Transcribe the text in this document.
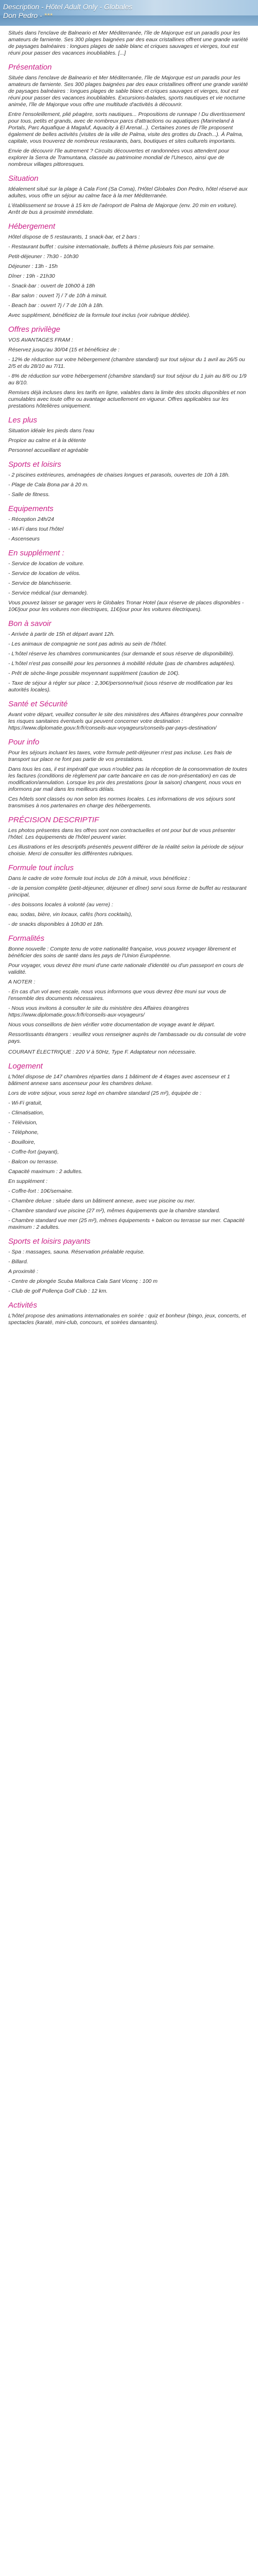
Description - Hôtel Adult Only - Globales
Don Pedro - ***

Situés dans l'enclave de Balneario et Mer Méditerranée, l'île de Majorque est un paradis pour les amateurs de farniente. Ses 300 plages baignées par des eaux cristallines offrent une grande variété de paysages balnéaires : longues plages de sable blanc et criques sauvages et vierges, tout est réuni pour passer des vacances inoubliables. [...]

Présentation

Située dans l'enclave de Balneario et Mer Méditerranée, l'île de Majorque est un paradis pour les amateurs de farniente. Ses 300 plages baignées par des eaux cristallines offrent une grande variété de paysages balnéaires : longues plages de sable blanc et criques sauvages et vierges, tout est réuni pour passer des vacances inoubliables. Excursions-balades, sports nautiques et vie nocturne animée, l'île de Majorque vous offre une multitude d'activités à découvrir.

Entre l'ensoleillement, plié péagère, sorts nautiques... Propositions de runnape ! Du divertissement pour tous, petits et grands, avec de nombreux parcs d'attractions ou aquatiques (Marineland à Portals, Parc Aquafique à Magaluf, Aquacity à El Arenal...). Certaines zones de l'île proposent également de belles activités (visites de la ville de Palma, visite des grottes du Drach...). À Palma, capitale, vous trouverez de nombreux restaurants, bars, boutiques et sites culturels importants.

Envie de découvrir l'île autrement ? Circuits découvertes et randonnées vous attendent pour explorer la Serra de Tramuntana, classée au patrimoine mondial de l'Unesco, ainsi que de nombreux villages pittoresques.

Situation

Idéalement situé sur la plage à Cala Font (Sa Coma), l'Hôtel Globales Don Pedro, hôtel réservé aux adultes, vous offre un séjour au calme face à la mer Méditerranée.

L'établissement se trouve à 15 km de l'aéroport de Palma de Majorque (env. 20 min en voiture). Arrêt de bus à proximité immédiate.

Hébergement

Hôtel dispose de 5 restaurants, 1 snack-bar, et 2 bars :

- Restaurant buffet : cuisine internationale, buffets à thème plusieurs fois par semaine.

Petit-déjeuner : 7h30 - 10h30

Déjeuner : 13h - 15h

Dîner : 19h - 21h30

- Snack-bar : ouvert de 10h00 à 18h

- Bar salon : ouvert 7j / 7 de 10h à minuit.

- Beach bar : ouvert 7j / 7 de 10h à 18h.

Avec supplément, bénéficiez de la formule tout inclus (voir rubrique dédiée).

Offres privilège

VOS AVANTAGES FRAM :

Réservez jusqu'au 30/04 (15 et bénéficiez de :

- 12% de réduction sur votre hébergement (chambre standard) sur tout séjour du 1 avril au 26/5 ou 2/5 et du 28/10 au 7/11.

- 8% de réduction sur votre hébergement (chambre standard) sur tout séjour du 1 juin au 8/6 ou 1/9 au 8/10.

Remises déjà incluses dans les tarifs en ligne, valables dans la limite des stocks disponibles et non cumulables avec toute offre ou avantage actuellement en vigueur. Offres applicables sur les prestations hôtelières uniquement.

Les plus

Situation idéale les pieds dans l'eau

Propice au calme et à la détente

Personnel accueillant et agréable

Sports et loisirs

- 2 piscines extérieures, aménagées de chaises longues et parasols, ouvertes de 10h à 18h.

- Plage de Cala Bona par à 20 m.

- Salle de fitness.

Equipements

- Réception 24h/24

- Wi-Fi dans tout l'hôtel

- Ascenseurs

En supplément :

- Service de location de voiture.

- Service de location de vélos.

- Service de blanchisserie.

- Service médical (sur demande).

Vous pouvez laisser se garager vers le Globales Tronar Hotel (aux réserve de places disponibles - 10€/jour pour les voitures non électriques, 11€/jour pour les voitures électriques).

Bon à savoir

- Arrivée à partir de 15h et départ avant 12h.

- Les animaux de compagnie ne sont pas admis au sein de l'hôtel.

- L'hôtel réserve les chambres communicantes (sur demande et sous réserve de disponibilité).

- L'hôtel n'est pas conseillé pour les personnes à mobilité réduite (pas de chambres adaptées).

- Prêt de sèche-linge possible moyennant supplément (caution de 10€).

- Taxe de séjour à régler sur place : 2,30€/personne/nuit (sous réserve de modification par les autorités locales).

Santé et Sécurité

Avant votre départ, veuillez consulter le site des ministères des Affaires étrangères pour connaître les risques sanitaires éventuels qui peuvent concerner votre destination : https://www.diplomatie.gouv.fr/fr/conseils-aux-voyageurs/conseils-par-pays-destination/

Pour info

Pour les séjours incluant les taxes, votre formule petit-déjeuner n'est pas incluse. Les frais de transport sur place ne font pas partie de vos prestations.

Dans tous les cas, il est impératif que vous n'oubliez pas la réception de la consommation de toutes les factures (conditions de règlement par carte bancaire en cas de non-présentation) en cas de modification/annulation. Lorsque les prix des prestations (pour la saison) changent, nous vous en informons par mail dans les meilleurs délais.

Ces hôtels sont classés ou non selon les normes locales. Les informations de vos séjours sont transmises à nos partenaires en charge des hébergements.

PRÉCISION DESCRIPTIF

Les photos présentes dans les offres sont non contractuelles et ont pour but de vous présenter l'hôtel. Les équipements de l'hôtel peuvent varier.

Les illustrations et les descriptifs présentés peuvent différer de la réalité selon la période de séjour choisie. Merci de consulter les différentes rubriques.

Formule tout inclus

Dans le cadre de votre formule tout inclus de 10h à minuit, vous bénéficiez :

- de la pension complète (petit-déjeuner, déjeuner et dîner) servi sous forme de buffet au restaurant principal,

- des boissons locales à volonté (au verre) :

eau, sodas, bière, vin locaux, cafés (hors cocktails),

- de snacks disponibles à 10h30 et 18h.

Formalités

Bonne nouvelle : Compte tenu de votre nationalité française, vous pouvez voyager librement et bénéficier des soins de santé dans les pays de l'Union Européenne.

Pour voyager, vous devez être muni d'une carte nationale d'identité ou d'un passeport en cours de validité.

A NOTER :

- En cas d'un vol avec escale, nous vous informons que vous devrez être muni sur vous de l'ensemble des documents nécessaires.

- Nous vous invitons à consulter le site du ministère des Affaires étrangères https://www.diplomatie.gouv.fr/fr/conseils-aux-voyageurs/

Nous vous conseillons de bien vérifier votre documentation de voyage avant le départ.

Ressortissants étrangers : veuillez vous renseigner auprès de l'ambassade ou du consulat de votre pays.

COURANT ÉLECTRIQUE : 220 V à 50Hz, Type F. Adaptateur non nécessaire.

Logement

L'hôtel dispose de 147 chambres réparties dans 1 bâtiment de 4 étages avec ascenseur et 1 bâtiment annexe sans ascenseur pour les chambres deluxe.

Lors de votre séjour, vous serez logé en chambre standard (25 m²), équipée de :

- Wi-Fi gratuit,

- Climatisation,

- Télévision,

- Téléphone,

- Bouilloire,

- Coffre-fort (payant),

- Balcon ou terrasse.

Capacité maximum : 2 adultes.

En supplément :

- Coffre-fort : 10€/semaine.

- Chambre deluxe : située dans un bâtiment annexe, avec vue piscine ou mer.

- Chambre standard vue piscine (27 m²), mêmes équipements que la chambre standard.

- Chambre standard vue mer (25 m²), mêmes équipements + balcon ou terrasse sur mer. Capacité maximum : 2 adultes.

Sports et loisirs payants

- Spa : massages, sauna. Réservation préalable requise.

- Billard.

A proximité :

- Centre de plongée Scuba Mallorca Cala Sant Vicenç : 100 m

- Club de golf Pollença Golf Club : 12 km.

Activités

L'hôtel propose des animations internationales en soirée : quiz et bonheur (bingo, jeux, concerts, et spectacles (karaté, mini-club, concours, et soirées dansantes).
